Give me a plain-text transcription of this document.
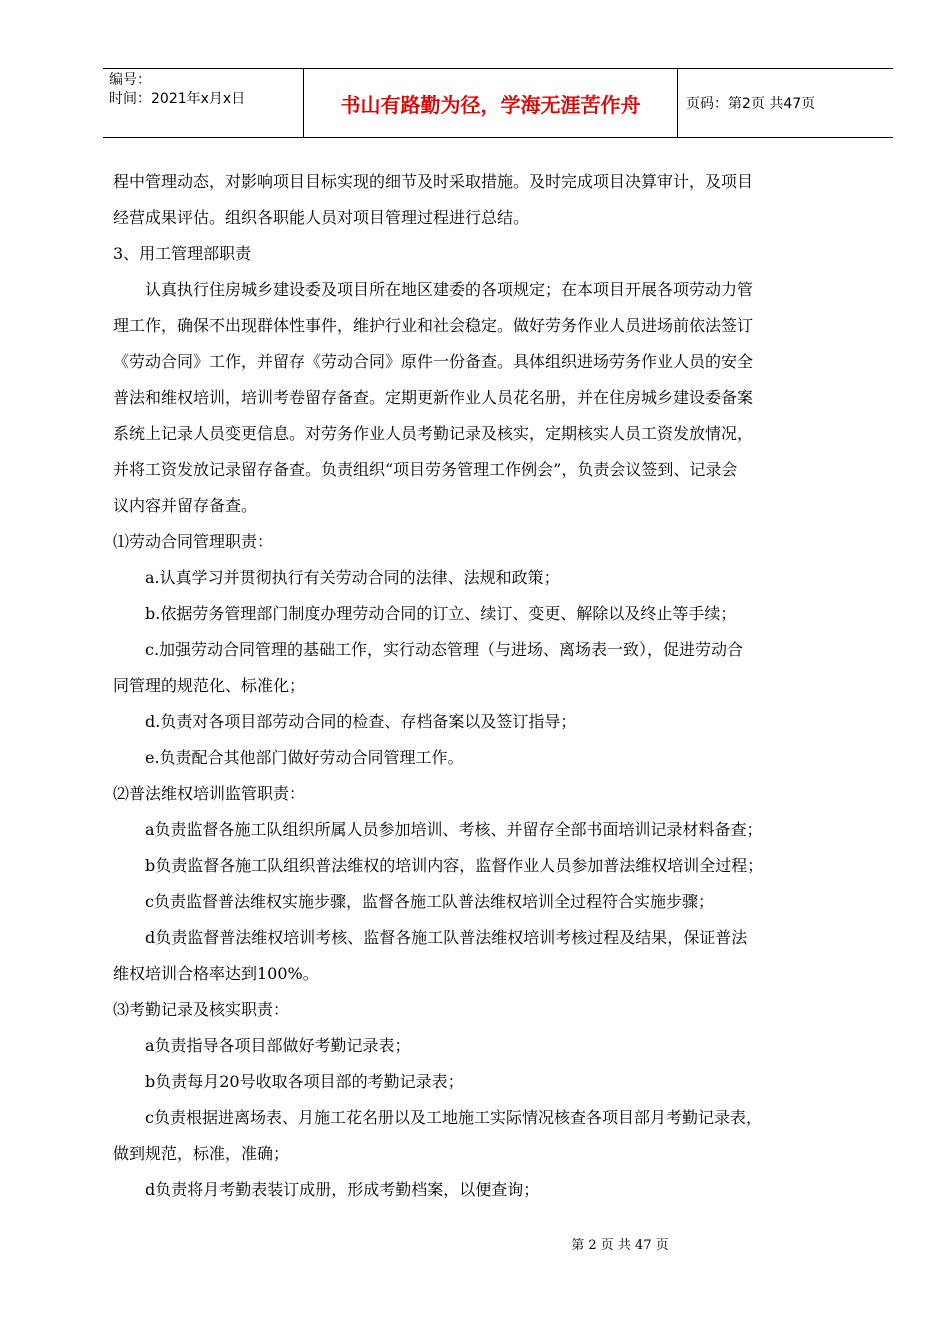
编号：
时间：2021年x月x日	书山有路勤为径，学海无涯苦作舟	页码：第2页 共47页

程中管理动态，对影响项目目标实现的细节及时采取措施。及时完成项目决算审计，及项目

经营成果评估。组织各职能人员对项目管理过程进行总结。

3、用工管理部职责

认真执行住房城乡建设委及项目所在地区建委的各项规定；在本项目开展各项劳动力管

理工作，确保不出现群体性事件，维护行业和社会稳定。做好劳务作业人员进场前依法签订

《劳动合同》工作，并留存《劳动合同》原件一份备查。具体组织进场劳务作业人员的安全

普法和维权培训，培训考卷留存备查。定期更新作业人员花名册，并在住房城乡建设委备案

系统上记录人员变更信息。对劳务作业人员考勤记录及核实，定期核实人员工资发放情况，

并将工资发放记录留存备查。负责组织“项目劳务管理工作例会”，负责会议签到、记录会

议内容并留存备查。

⑴劳动合同管理职责：

a.认真学习并贯彻执行有关劳动合同的法律、法规和政策；

b.依据劳务管理部门制度办理劳动合同的订立、续订、变更、解除以及终止等手续；

c.加强劳动合同管理的基础工作，实行动态管理（与进场、离场表一致），促进劳动合

同管理的规范化、标准化；

d.负责对各项目部劳动合同的检查、存档备案以及签订指导；

e.负责配合其他部门做好劳动合同管理工作。

⑵普法维权培训监管职责：

a负责监督各施工队组织所属人员参加培训、考核、并留存全部书面培训记录材料备查；

b负责监督各施工队组织普法维权的培训内容，监督作业人员参加普法维权培训全过程；

c负责监督普法维权实施步骤，监督各施工队普法维权培训全过程符合实施步骤；

d负责监督普法维权培训考核、监督各施工队普法维权培训考核过程及结果，保证普法

维权培训合格率达到100%。

⑶考勤记录及核实职责：

a负责指导各项目部做好考勤记录表；

b负责每月20号收取各项目部的考勤记录表；

c负责根据进离场表、月施工花名册以及工地施工实际情况核查各项目部月考勤记录表，

做到规范，标准，准确；

d负责将月考勤表装订成册，形成考勤档案，以便查询；

第 2 页 共 47 页
